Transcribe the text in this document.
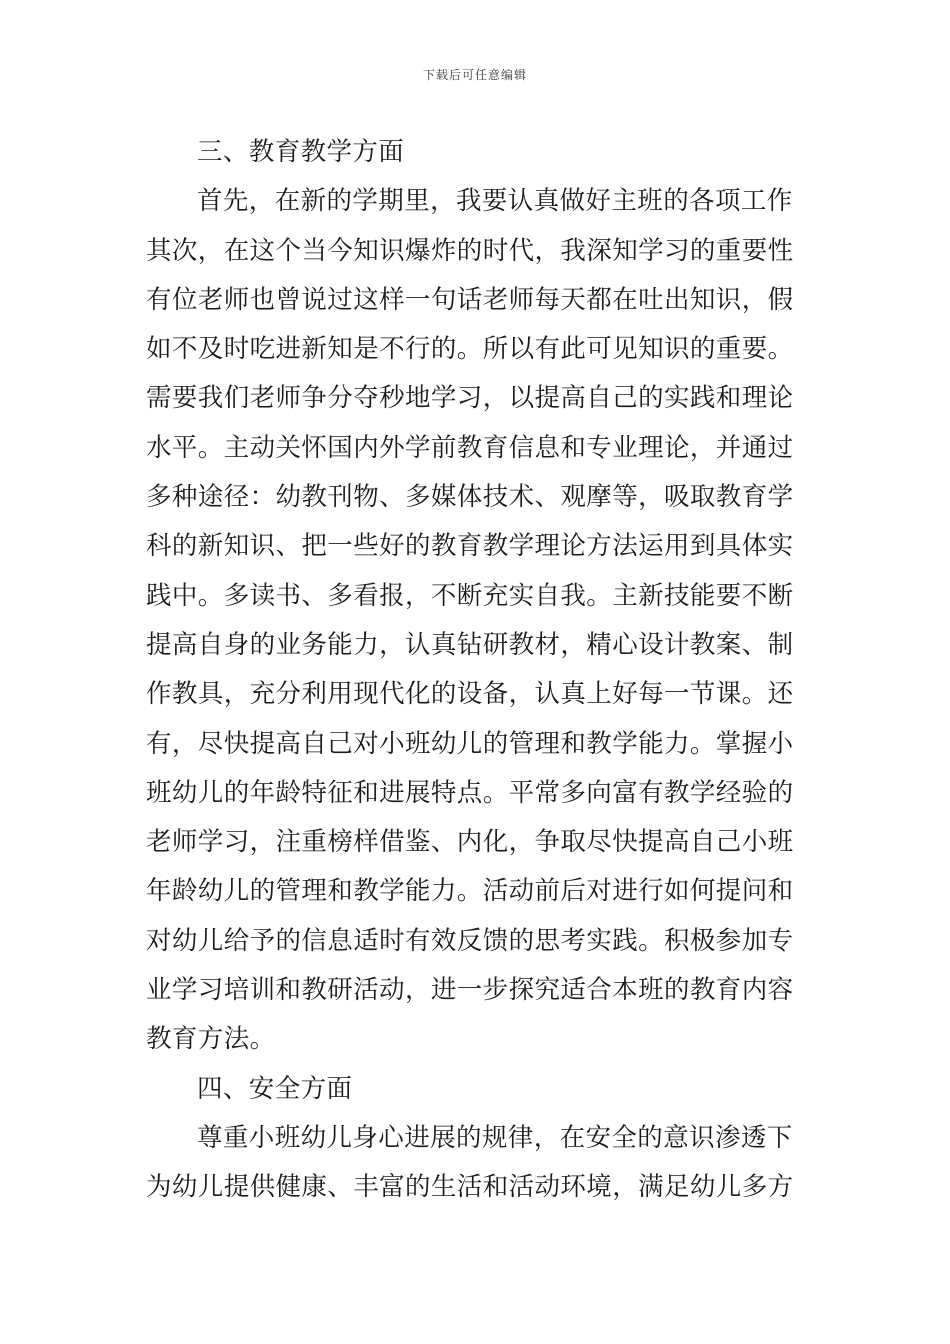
下载后可任意编辑
三、教育教学方面
首先，在新的学期里，我要认真做好主班的各项工作
其次，在这个当今知识爆炸的时代，我深知学习的重要性
有位老师也曾说过这样一句话老师每天都在吐出知识，假
如不及时吃进新知是不行的。所以有此可见知识的重要。
需要我们老师争分夺秒地学习，以提高自己的实践和理论
水平。主动关怀国内外学前教育信息和专业理论，并通过
多种途径：幼教刊物、多媒体技术、观摩等，吸取教育学
科的新知识、把一些好的教育教学理论方法运用到具体实
践中。多读书、多看报，不断充实自我。主新技能要不断
提高自身的业务能力，认真钻研教材，精心设计教案、制
作教具，充分利用现代化的设备，认真上好每一节课。还
有，尽快提高自己对小班幼儿的管理和教学能力。掌握小
班幼儿的年龄特征和进展特点。平常多向富有教学经验的
老师学习，注重榜样借鉴、内化，争取尽快提高自己小班
年龄幼儿的管理和教学能力。活动前后对进行如何提问和
对幼儿给予的信息适时有效反馈的思考实践。积极参加专
业学习培训和教研活动，进一步探究适合本班的教育内容
教育方法。
四、安全方面
尊重小班幼儿身心进展的规律，在安全的意识渗透下
为幼儿提供健康、丰富的生活和活动环境，满足幼儿多方
